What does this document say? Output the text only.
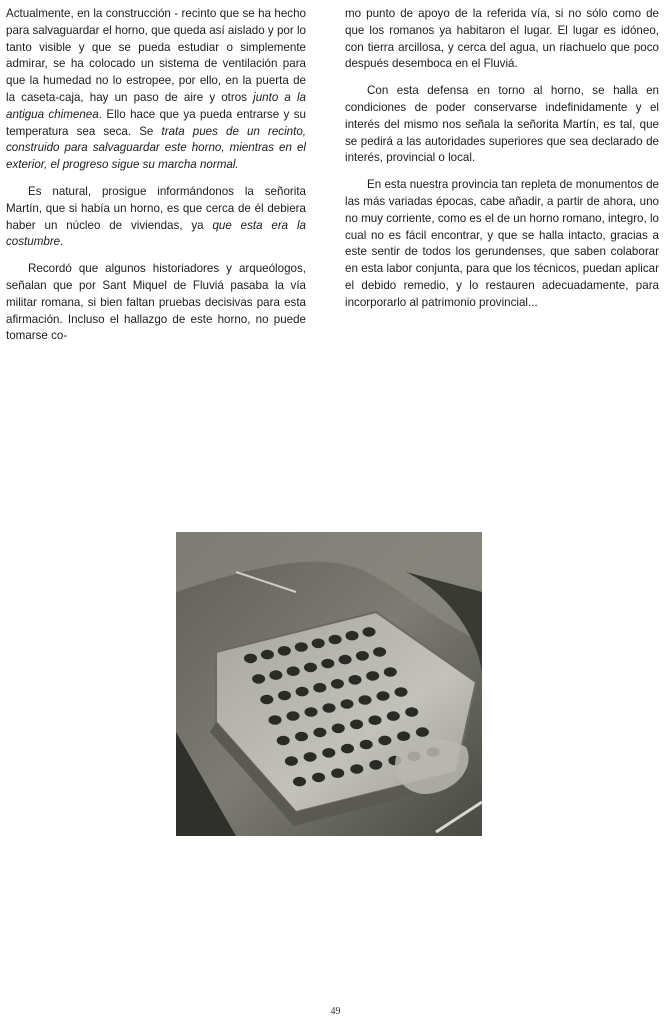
Actualmente, en la construcción - recinto que se ha hecho para salvaguardar el horno, que queda así aislado y por lo tanto visible y que se pueda estudiar o simplemente admirar, se ha colocado un sistema de ventilación para que la humedad no lo estropee, por ello, en la puerta de la caseta-caja, hay un paso de aire y otros junto a la antigua chimenea. Ello hace que ya pueda entrarse y su temperatura sea seca. Se trata pues de un recinto, construido para salvaguardar este horno, mientras en el exterior, el progreso sigue su marcha normal.

Es natural, prosigue informándonos la señorita Martín, que si había un horno, es que cerca de él debiera haber un núcleo de viviendas, ya que esta era la costumbre.

Recordó que algunos historiadores y arqueólogos, señalan que por Sant Miquel de Fluviá pasaba la vía militar romana, si bien faltan pruebas decisivas para esta afirmación. Incluso el hallazgo de este horno, no puede tomarse co-

mo punto de apoyo de la referida vía, si no sólo como de que los romanos ya habitaron el lugar. El lugar es idóneo, con tierra arcillosa, y cerca del agua, un riachuelo que poco después desemboca en el Fluviá.

Con esta defensa en torno al horno, se halla en condiciones de poder conservarse indefinidamente y el interés del mismo nos señala la señorita Martín, es tal, que se pedirá a las autoridades superiores que sea declarado de interés, provincial o local.

En esta nuestra provincia tan repleta de monumentos de las más variadas épocas, cabe añadir, a partir de ahora, uno no muy corriente, como es el de un horno romano, integro, lo cual no es fácil encontrar, y que se halla intacto, gracias a este sentir de todos los gerundenses, que saben colaborar en esta labor conjunta, para que los técnicos, puedan aplicar el debido remedio, y lo restauren adecuadamente, para incorporarlo al patrimonio provincial...

49
